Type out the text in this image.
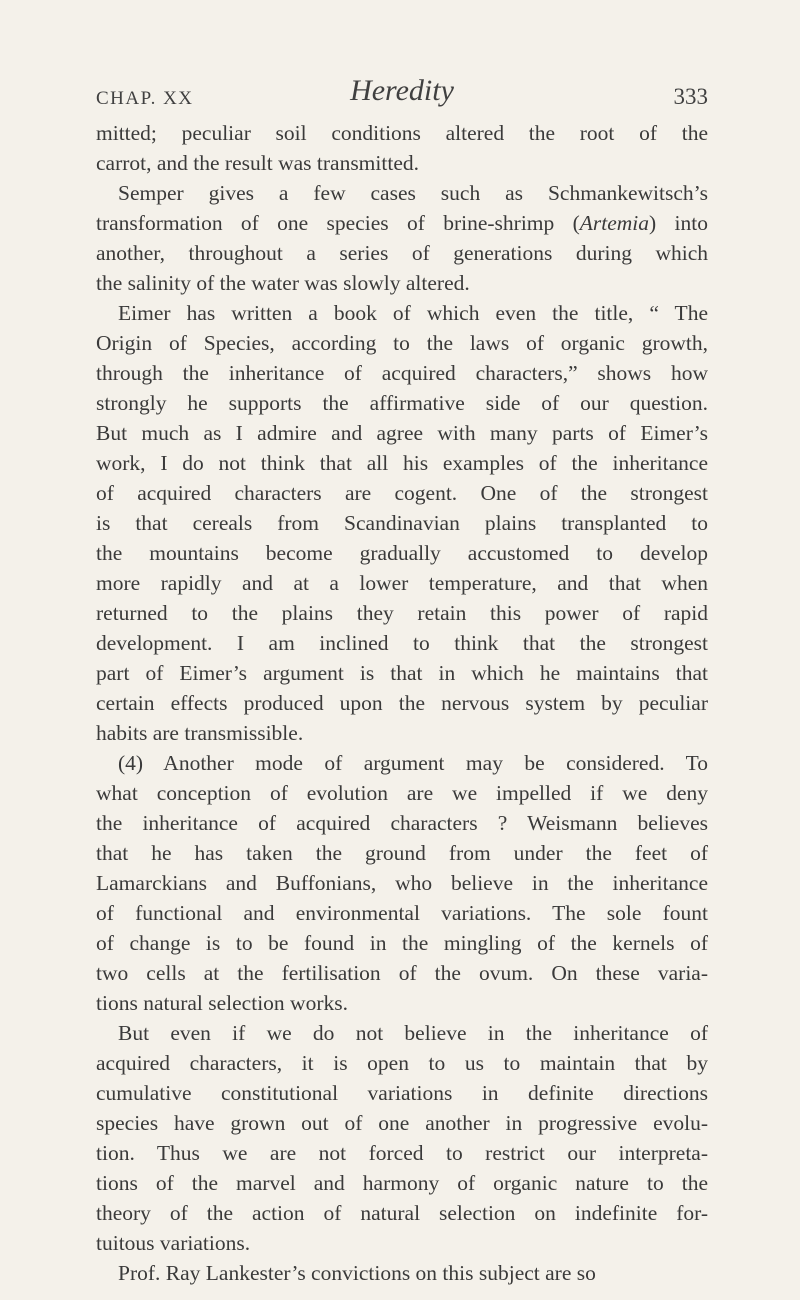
CHAP. XX	Heredity	333
mitted; peculiar soil conditions altered the root of the
carrot, and the result was transmitted.
Semper gives a few cases such as Schmankewitsch’s
transformation of one species of brine-shrimp (Artemia) into
another, throughout a series of generations during which
the salinity of the water was slowly altered.
Eimer has written a book of which even the title, “ The
Origin of Species, according to the laws of organic growth,
through the inheritance of acquired characters,” shows how
strongly he supports the affirmative side of our question.
But much as I admire and agree with many parts of Eimer’s
work, I do not think that all his examples of the inheritance
of acquired characters are cogent. One of the strongest
is that cereals from Scandinavian plains transplanted to
the mountains become gradually accustomed to develop
more rapidly and at a lower temperature, and that when
returned to the plains they retain this power of rapid
development. I am inclined to think that the strongest
part of Eimer’s argument is that in which he maintains that
certain effects produced upon the nervous system by peculiar
habits are transmissible.
(4) Another mode of argument may be considered. To
what conception of evolution are we impelled if we deny
the inheritance of acquired characters ? Weismann believes
that he has taken the ground from under the feet of
Lamarckians and Buffonians, who believe in the inheritance
of functional and environmental variations. The sole fount
of change is to be found in the mingling of the kernels of
two cells at the fertilisation of the ovum. On these varia-
tions natural selection works.
But even if we do not believe in the inheritance of
acquired characters, it is open to us to maintain that by
cumulative constitutional variations in definite directions
species have grown out of one another in progressive evolu-
tion. Thus we are not forced to restrict our interpreta-
tions of the marvel and harmony of organic nature to the
theory of the action of natural selection on indefinite for-
tuitous variations.
Prof. Ray Lankester’s convictions on this subject are so
